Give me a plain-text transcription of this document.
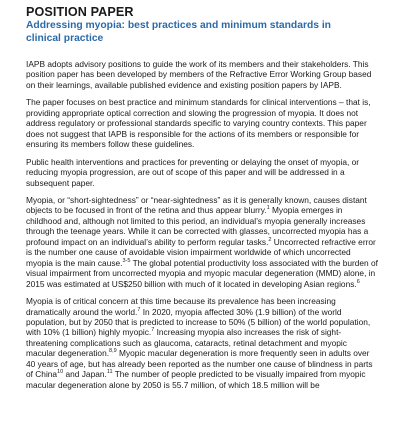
POSITION PAPER
Addressing myopia: best practices and minimum standards in
clinical practice

IAPB adopts advisory positions to guide the work of its members and their stakeholders. This position paper has been developed by members of the Refractive Error Working Group based on their learnings, available published evidence and existing position papers by IAPB.

The paper focuses on best practice and minimum standards for clinical interventions – that is, providing appropriate optical correction and slowing the progression of myopia. It does not address regulatory or professional standards specific to varying country contexts. This paper does not suggest that IAPB is responsible for the actions of its members or responsible for ensuring its members follow these guidelines.

Public health interventions and practices for preventing or delaying the onset of myopia, or reducing myopia progression, are out of scope of this paper and will be addressed in a subsequent paper.

Myopia, or “short-sightedness” or “near-sightedness” as it is generally known, causes distant objects to be focused in front of the retina and thus appear blurry.$^1$ Myopia emerges in childhood and, although not limited to this period, an individual’s myopia generally increases through the teenage years. While it can be corrected with glasses, uncorrected myopia has a profound impact on an individual’s ability to perform regular tasks.$^2$ Uncorrected refractive error is the number one cause of avoidable vision impairment worldwide of which uncorrected myopia is the main cause.$^{3-5}$ The global potential productivity loss associated with the burden of visual impairment from uncorrected myopia and myopic macular degeneration (MMD) alone, in 2015 was estimated at US$250 billion with much of it located in developing Asian regions.$^6$

Myopia is of critical concern at this time because its prevalence has been increasing dramatically around the world.$^7$ In 2020, myopia affected 30% (1.9 billion) of the world population, but by 2050 that is predicted to increase to 50% (5 billion) of the world population, with 10% (1 billion) highly myopic.$^7$ Increasing myopia also increases the risk of sight-threatening complications such as glaucoma, cataracts, retinal detachment and myopic macular degeneration.$^{8,9}$ Myopic macular degeneration is more frequently seen in adults over 40 years of age, but has already been reported as the number one cause of blindness in parts of China$^{10}$ and Japan.$^{11}$ The number of people predicted to be visually impaired from myopic macular degeneration alone by 2050 is 55.7 million, of which 18.5 million will be
